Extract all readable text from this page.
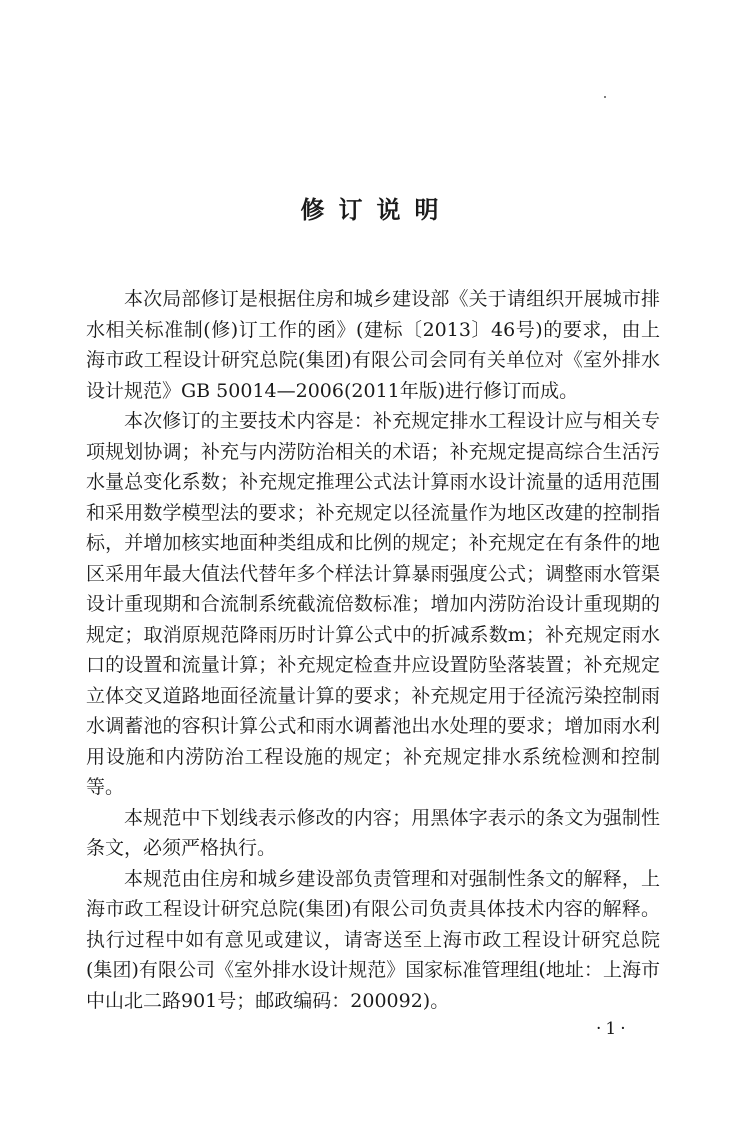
修订说明

本次局部修订是根据住房和城乡建设部《关于请组织开展城市排水相关标准制(修)订工作的函》(建标〔2013〕46号)的要求，由上海市政工程设计研究总院(集团)有限公司会同有关单位对《室外排水设计规范》GB 50014—2006(2011年版)进行修订而成。

本次修订的主要技术内容是：补充规定排水工程设计应与相关专项规划协调；补充与内涝防治相关的术语；补充规定提高综合生活污水量总变化系数；补充规定推理公式法计算雨水设计流量的适用范围和采用数学模型法的要求；补充规定以径流量作为地区改建的控制指标，并增加核实地面种类组成和比例的规定；补充规定在有条件的地区采用年最大值法代替年多个样法计算暴雨强度公式；调整雨水管渠设计重现期和合流制系统截流倍数标准；增加内涝防治设计重现期的规定；取消原规范降雨历时计算公式中的折减系数m；补充规定雨水口的设置和流量计算；补充规定检查井应设置防坠落装置；补充规定立体交叉道路地面径流量计算的要求；补充规定用于径流污染控制雨水调蓄池的容积计算公式和雨水调蓄池出水处理的要求；增加雨水利用设施和内涝防治工程设施的规定；补充规定排水系统检测和控制等。

本规范中下划线表示修改的内容；用黑体字表示的条文为强制性条文，必须严格执行。

本规范由住房和城乡建设部负责管理和对强制性条文的解释，上海市政工程设计研究总院(集团)有限公司负责具体技术内容的解释。执行过程中如有意见或建议，请寄送至上海市政工程设计研究总院(集团)有限公司《室外排水设计规范》国家标准管理组(地址：上海市中山北二路901号；邮政编码：200092)。

·1·
